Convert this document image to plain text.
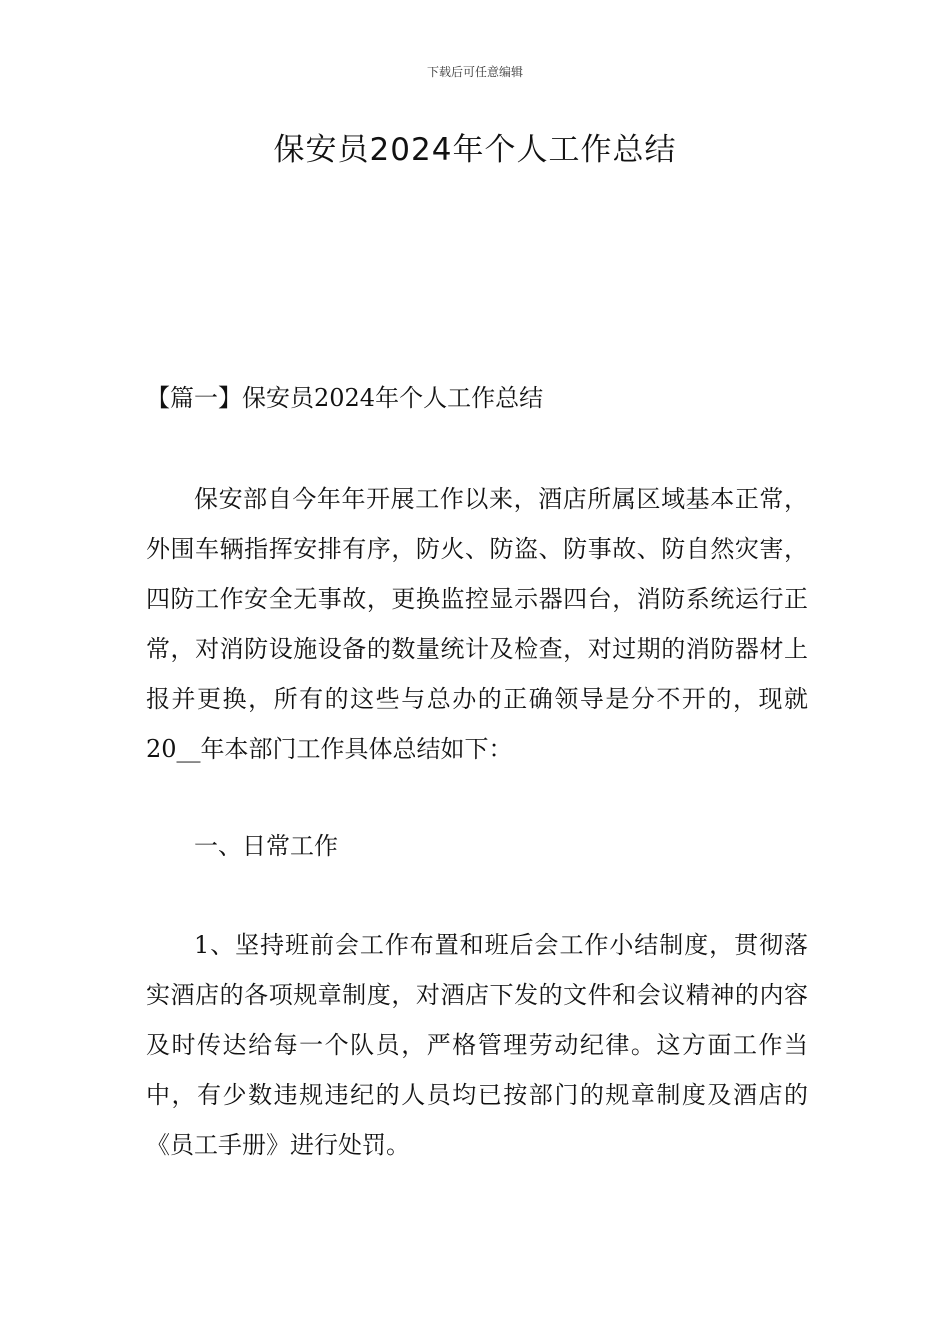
下载后可任意编辑
保安员2024年个人工作总结
【篇一】保安员2024年个人工作总结

保安部自今年年开展工作以来，酒店所属区域基本正常，外围车辆指挥安排有序，防火、防盗、防事故、防自然灾害，四防工作安全无事故，更换监控显示器四台，消防系统运行正常，对消防设施设备的数量统计及检查，对过期的消防器材上报并更换，所有的这些与总办的正确领导是分不开的，现就20__年本部门工作具体总结如下：

一、日常工作

1、坚持班前会工作布置和班后会工作小结制度，贯彻落实酒店的各项规章制度，对酒店下发的文件和会议精神的内容及时传达给每一个队员，严格管理劳动纪律。这方面工作当中，有少数违规违纪的人员均已按部门的规章制度及酒店的《员工手册》进行处罚。
